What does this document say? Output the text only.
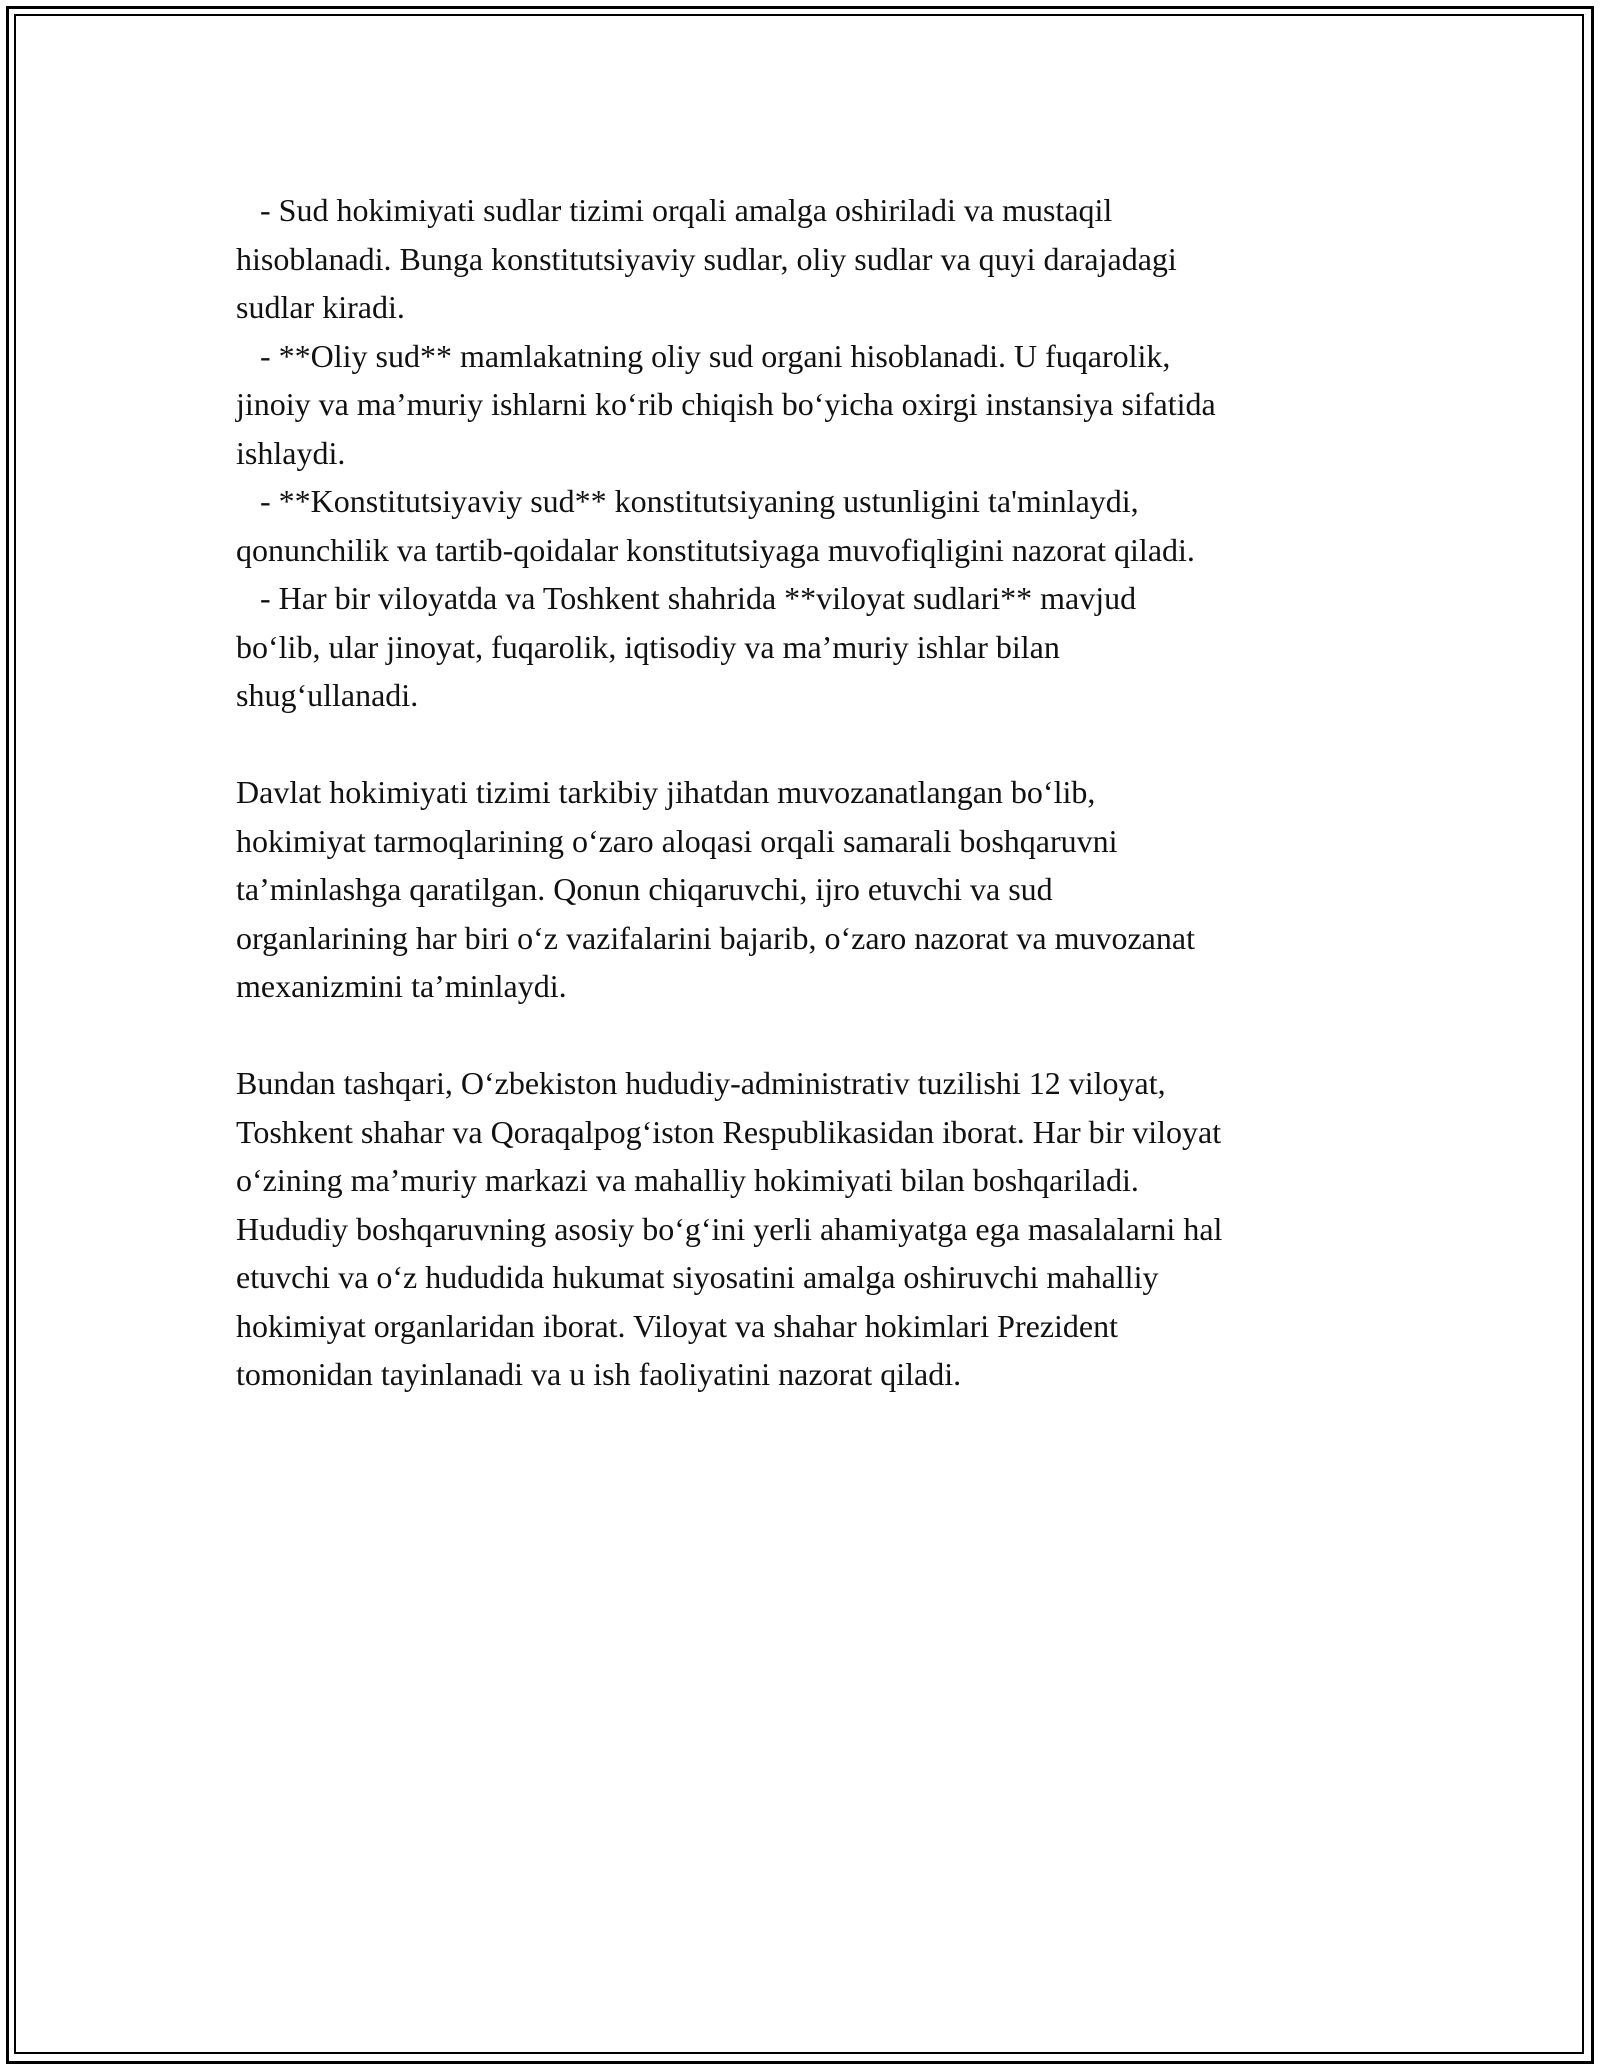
- Sud hokimiyati sudlar tizimi orqali amalga oshiriladi va mustaqil
hisoblanadi. Bunga konstitutsiyaviy sudlar, oliy sudlar va quyi darajadagi
sudlar kiradi.
- **Oliy sud** mamlakatning oliy sud organi hisoblanadi. U fuqarolik,
jinoiy va ma’muriy ishlarni ko‘rib chiqish bo‘yicha oxirgi instansiya sifatida
ishlaydi.
- **Konstitutsiyaviy sud** konstitutsiyaning ustunligini ta'minlaydi,
qonunchilik va tartib-qoidalar konstitutsiyaga muvofiqligini nazorat qiladi.
- Har bir viloyatda va Toshkent shahrida **viloyat sudlari** mavjud
bo‘lib, ular jinoyat, fuqarolik, iqtisodiy va ma’muriy ishlar bilan
shug‘ullanadi.
Davlat hokimiyati tizimi tarkibiy jihatdan muvozanatlangan bo‘lib,
hokimiyat tarmoqlarining o‘zaro aloqasi orqali samarali boshqaruvni
ta’minlashga qaratilgan. Qonun chiqaruvchi, ijro etuvchi va sud
organlarining har biri o‘z vazifalarini bajarib, o‘zaro nazorat va muvozanat
mexanizmini ta’minlaydi.
Bundan tashqari, O‘zbekiston hududiy-administrativ tuzilishi 12 viloyat,
Toshkent shahar va Qoraqalpog‘iston Respublikasidan iborat. Har bir viloyat
o‘zining ma’muriy markazi va mahalliy hokimiyati bilan boshqariladi.
Hududiy boshqaruvning asosiy bo‘g‘ini yerli ahamiyatga ega masalalarni hal
etuvchi va o‘z hududida hukumat siyosatini amalga oshiruvchi mahalliy
hokimiyat organlaridan iborat. Viloyat va shahar hokimlari Prezident
tomonidan tayinlanadi va u ish faoliyatini nazorat qiladi.
